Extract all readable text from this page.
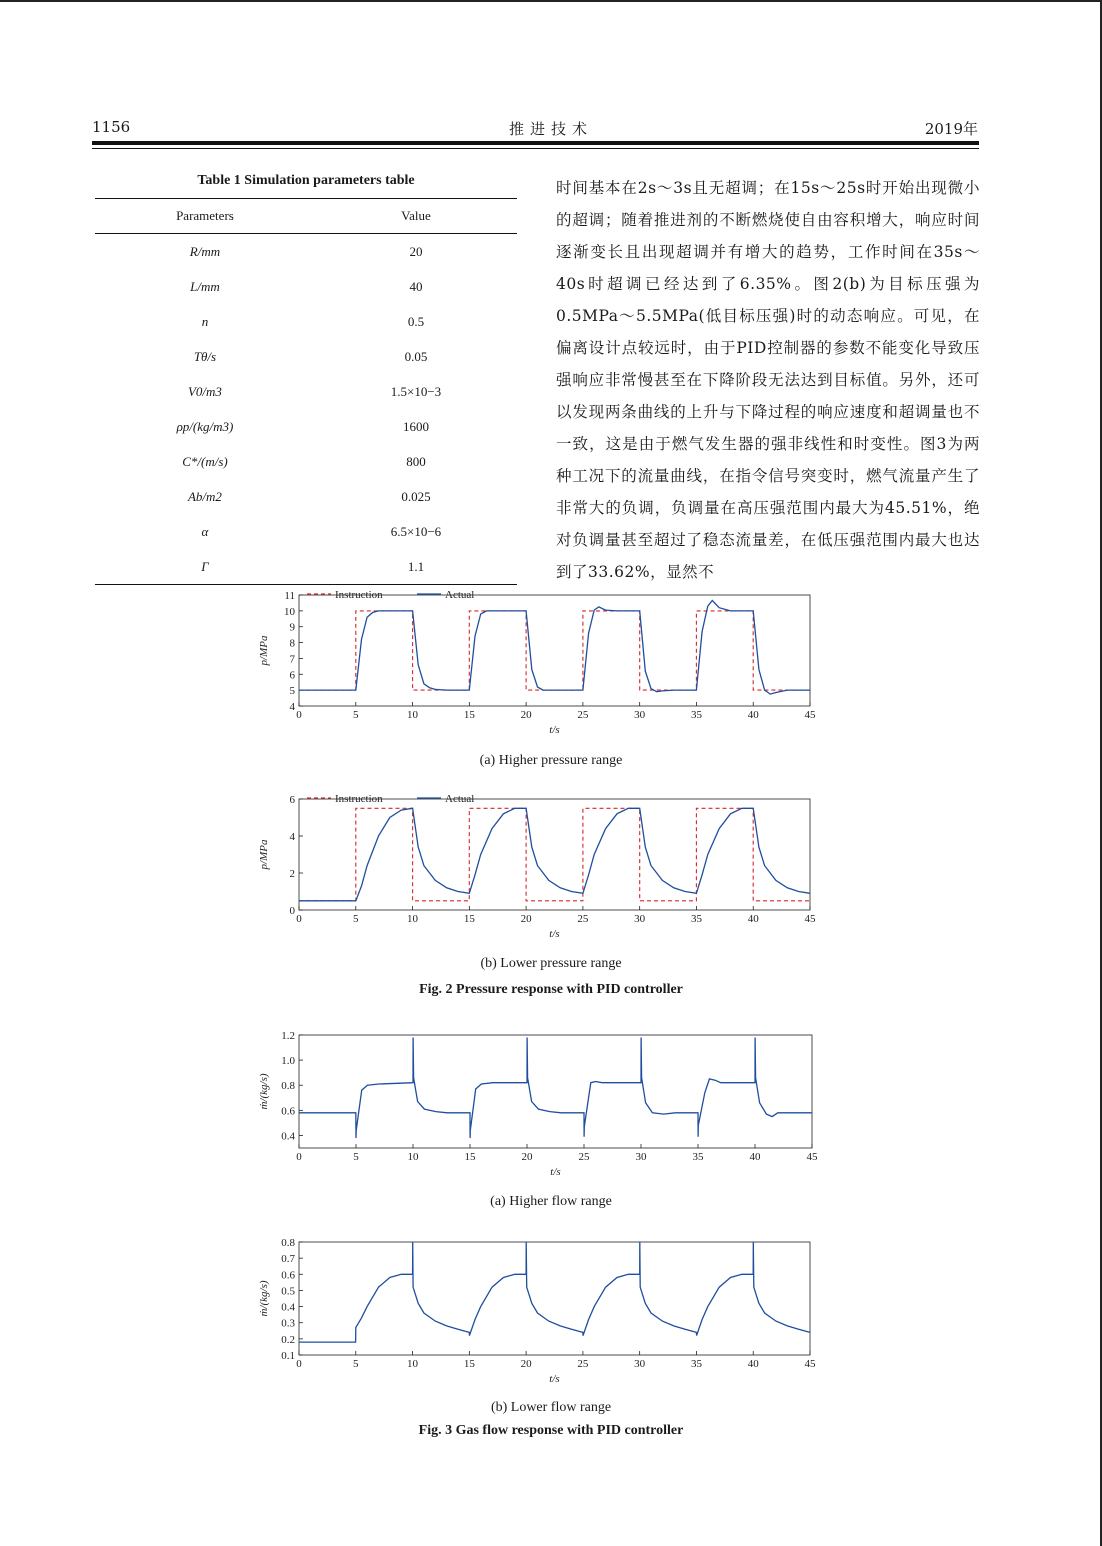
1156	推进技术	2019年
Table 1 Simulation parameters table
Parameters	Value
R/mm	20
L/mm	40
n	0.5
Tθ/s	0.05
V0/m3	1.5×10−3
ρp/(kg/m3)	1600
C*/(m/s)	800
Ab/m2	0.025
α	6.5×10−6
Γ	1.1
时间基本在2s～3s且无超调；在15s～25s时开始出现微小的超调；随着推进剂的不断燃烧使自由容积增大，响应时间逐渐变长且出现超调并有增大的趋势，工作时间在35s～40s时超调已经达到了6.35%。图2(b)为目标压强为0.5MPa～5.5MPa(低目标压强)时的动态响应。可见，在偏离设计点较远时，由于PID控制器的参数不能变化导致压强响应非常慢甚至在下降阶段无法达到目标值。另外，还可以发现两条曲线的上升与下降过程的响应速度和超调量也不一致，这是由于燃气发生器的强非线性和时变性。图3为两种工况下的流量曲线，在指令信号突变时，燃气流量产生了非常大的负调，负调量在高压强范围内最大为45.51%，绝对负调量甚至超过了稳态流量差，在低压强范围内最大也达到了33.62%，显然不
0	5	10	15	20	25	30	35	40	45
4
5
6
7
8
9
10
11
t/s
p/MPa
Instruction	Actual
(a) Higher pressure range
0	5	10	15	20	25	30	35	40	45
0
2
4
6
t/s
p/MPa
Instruction	Actual
(b) Lower pressure range
Fig. 2 Pressure response with PID controller
0	5	10	15	20	25	30	35	40	45
0.4
0.6
0.8
1.0
1.2
t/s
ṁ/(kg/s)
(a) Higher flow range
0	5	10	15	20	25	30	35	40	45
0.1
0.2
0.3
0.4
0.5
0.6
0.7
0.8
t/s
ṁ/(kg/s)
(b) Lower flow range
Fig. 3 Gas flow response with PID controller
